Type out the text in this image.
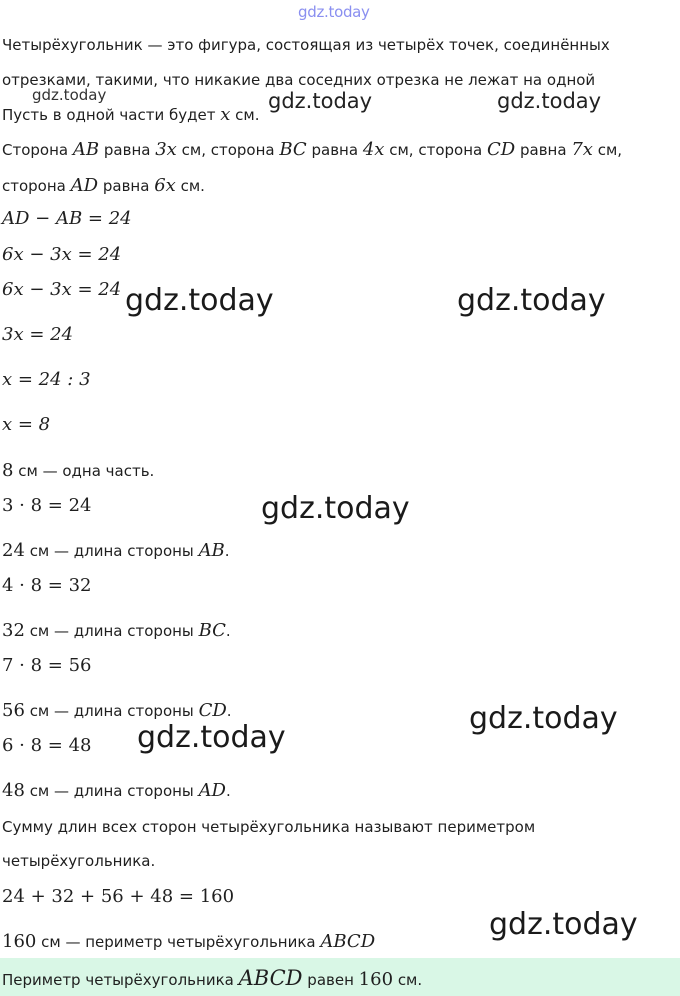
gdz.today
gdz.today	gdz.today	gdz.today
gdz.today	gdz.today
gdz.today
gdz.today
gdz.today
gdz.today
Четырёхугольник — это фигура, состоящая из четырёх точек, соединённых
отрезками, такими, что никакие два соседних отрезка не лежат на одной
Пусть в одной части будет x см.
Сторона AB равна 3x см, сторона BC равна 4x см, сторона CD равна 7x см,
сторона AD равна 6x см.
AD − AB = 24
6x − 3x = 24
6x − 3x = 24
3x = 24
x = 24 : 3
x = 8
8 см — одна часть.
3 · 8 = 24
24 см — длина стороны AB.
4 · 8 = 32
32 см — длина стороны BC.
7 · 8 = 56
56 см — длина стороны CD.
6 · 8 = 48
48 см — длина стороны AD.
Сумму длин всех сторон четырёхугольника называют периметром
четырёхугольника.
24 + 32 + 56 + 48 = 160
160 см — периметр четырёхугольника ABCD
Периметр четырёхугольника ABCD равен 160 см.
